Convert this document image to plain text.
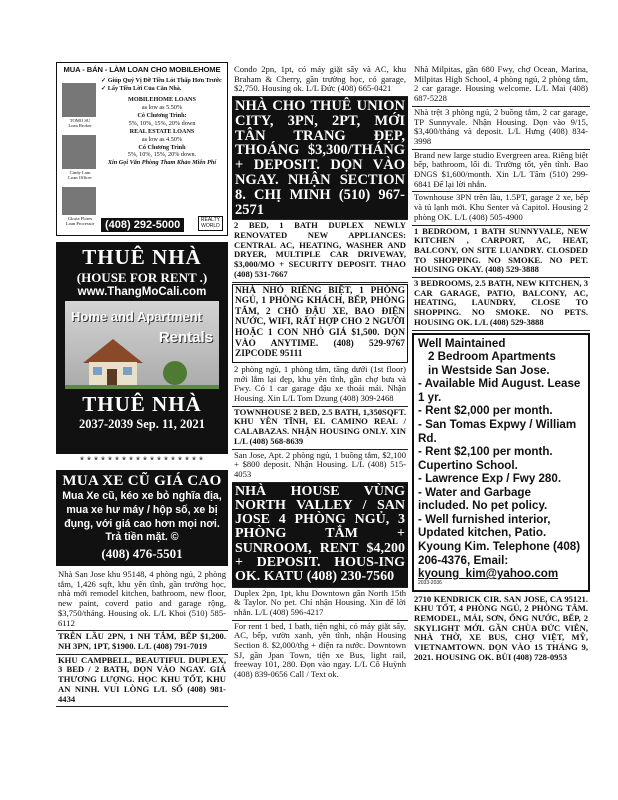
MUA - BÁN - LÀM LOAN CHO MOBILEHOME
TOMO SU
Loan Broker
Cindy Lam
Loan Officer
Gloria Flores
Loan Processor
✓ Giúp Quý Vị Đỡ Tiền Lót Thấp Hơn Trước
✓ Lấy Tiền Lời Của Căn Nhà.
MOBILEHOME LOANS
as low as 5.50%
Có Chương Trình:
5%, 10%, 15%, 20% down
REAL ESTATE LOANS
as low as 4.50%
Có Chương Trình
5%, 10%, 15%, 20% down.
Xin Gọi Văn Phòng Tham Khảo Miễn Phí
(408) 292-5000	REALTY
WORLD
THUÊ NHÀ
(HOUSE FOR RENT .)
www.ThangMoCali.com
Home and Apartment
Rentals
THUÊ NHÀ
2037-2039 Sep. 11, 2021
******************
MUA XE CŨ GIÁ CAO
Mua Xe cũ, kéo xe bỏ nghĩa địa, mua xe hư máy / hộp số, xe bị đụng, với giá cao hơn mọi nơi. Trả tiền mặt. ©
(408) 476-5501
Nhà San Jose khu 95148, 4 phòng ngủ, 2 phòng tắm, 1,426 sqft, khu yên tĩnh, gần trường học, nhà mới remodel kitchen, bathroom, new floor, new paint, coverd patio and garage rộng, $3,750/tháng. Housing ok. L/L Khoi (510) 585-6112
TRÊN LẦU 2PN, 1 NH TẮM, BẾP $1,200. NH 3PN, 1PT, $1900. L/L (408) 791-7019
KHU CAMPBELL, BEAUTIFUL DUPLEX, 3 BED / 2 BATH, DỌN VÀO NGAY. GIÁ THƯƠNG LƯỢNG. HỌC KHU TỐT, KHU AN NINH. VUI LÒNG L/L SỐ (408) 981-4434
Condo 2pn, 1pt, có máy giặt sấy và AC, khu Braham & Cherry, gần trường học, có garage, $2,750. Housing ok. L/L Đức (408) 665-0421
NHÀ CHO THUÊ UNION CITY, 3PN, 2PT, MỚI TÂN TRANG ĐẸP, THOÁNG $3,300/THÁNG + DEPOSIT. DỌN VÀO NGAY. NHẬN SECTION 8. CHỊ MINH (510) 967-2571
2 BED, 1 BATH DUPLEX NEWLY RENOVATED NEW APPLIANCES: CENTRAL AC, HEATING, WASHER AND DRYER, MULTIPLE CAR DRIVEWAY, $3,000/MO + SECURITY DEPOSIT. THAO (408) 531-7667
NHÀ NHỎ RIÊNG BIỆT, 1 PHÒNG NGỦ, 1 PHÒNG KHÁCH, BẾP, PHÒNG TẮM, 2 CHỖ ĐẬU XE, BAO ĐIỆN NƯỚC, WIFI, RẤT HỢP CHO 2 NGƯỜI HOẶC 1 CON NHỎ GIÁ $1,500. DỌN VÀO ANYTIME. (408) 529-9767 ZIPCODE 95111
2 phòng ngủ, 1 phòng tắm, tầng dưới (1st floor) mới lắm lại đẹp, khu yên tĩnh, gần chợ bưa và Fwy. Có 1 car garage đậu xe thoải mái. Nhận Housing. Xin L/L Tom Dzung (408) 309-2468
TOWNHOUSE 2 BED, 2.5 BATH, 1,350SQFT. KHU YÊN TĨNH, EL CAMINO REAL / CALABAZAS. NHẬN HOUSING ONLY. XIN L/L (408) 568-8639
San Jose, Apt. 2 phòng ngủ, 1 buồng tắm, $2,100 + $800 deposit. Nhận Housing. L/L (408) 515-4053
NHÀ HOUSE VÙNG NORTH VALLEY / SAN JOSE 4 PHÒNG NGỦ, 3 PHÒNG TẮM + SUNROOM, RENT $4,200 + DEPOSIT. HOUS-ING OK. KATU (408) 230-7560
Duplex 2pn, 1pt, khu Downtown gần North 15th & Taylor. No pet. Chỉ nhận Housing. Xin để lời nhắn. L/L (408) 596-4217
For rent 1 bed, 1 bath, tiện nghi, có máy giặt sấy, AC, bếp, vườn xanh, yên tĩnh, nhận Housing Section 8. $2,000/thg + điện ra nước. Downtown SJ, gần Jpan Town, tiện xe Bus, light rail, freeway 101, 280. Đọn vào ngay. L/L Cô Huỳnh (408) 839-0656 Call / Text ok.
Nhà Milpitas, gần 680 Fwy, chợ Ocean, Marina, Milpitas High School, 4 phòng ngủ, 2 phòng tắm, 2 car garage. Housing welcome. L/L Mai (408) 687-5228
Nhà trệt 3 phòng ngủ, 2 buồng tắm, 2 car garage, TP Sunnyvale. Nhận Housing. Dọn vào 9/15, $3,400/tháng và deposit. L/L Hưng (408) 834-3998
Brand new large studio Evergreen area. Riêng biệt bếp, bathroom, lối đi. Trường tốt, yên tĩnh. Bao ĐNGS $1,600/month. Xin L/L Tâm (510) 299-6841 Để lại lời nhắn.
Townhouse 3PN trên lầu, 1.5PT, garage 2 xe, bếp và tủ lạnh mới. Khu Senter và Capitol. Housing 2 phòng OK. L/L (408) 505-4900
1 BEDROOM, 1 BATH SUNNYVALE, NEW KITCHEN , CARPORT, AC, HEAT, BALCONY, ON SITE LUANDRY. CLOSDED TO SHOPPING. NO SMOKE. NO PET. HOUSING OKAY. (408) 529-3888
3 BEDROOMS, 2.5 BATH, NEW KITCHEN, 3 CAR GARAGE, PATIO, BALCONY, AC, HEATING, LAUNDRY, CLOSE TO SHOPPING. NO SMOKE. NO PETS. HOUSING OK. L/L (408) 529-3888
Well Maintained
2 Bedroom Apartments
in Westside San Jose.
- Available Mid August. Lease 1 yr.
- Rent $2,000 per month.
- San Tomas Expwy / William Rd.
- Rent $2,100 per month. Cupertino School.
- Lawrence Exp / Fwy 280.
- Water and Garbage included. No pet policy.
- Well furnished interior, Updated kitchen, Patio.
Kyoung Kim. Telephone (408) 206-4376, Email:
kyoung_kim@yahoo.com
2033-2036
2710 KENDRICK CIR. SAN JOSE, CA 95121. KHU TỐT, 4 PHÒNG NGỦ, 2 PHÒNG TẮM. REMODEL, MÁI, SƠN, ỐNG NƯỚC, BẾP, 2 SKYLIGHT MỚI. GẦN CHÙA ĐỨC VIÊN, NHÀ THỜ, XE BUS, CHỢ VIỆT, MỸ, VIETNAMTOWN. DỌN VÀO 15 THÁNG 9, 2021. HOUSING OK. BÙI (408) 728-0953
